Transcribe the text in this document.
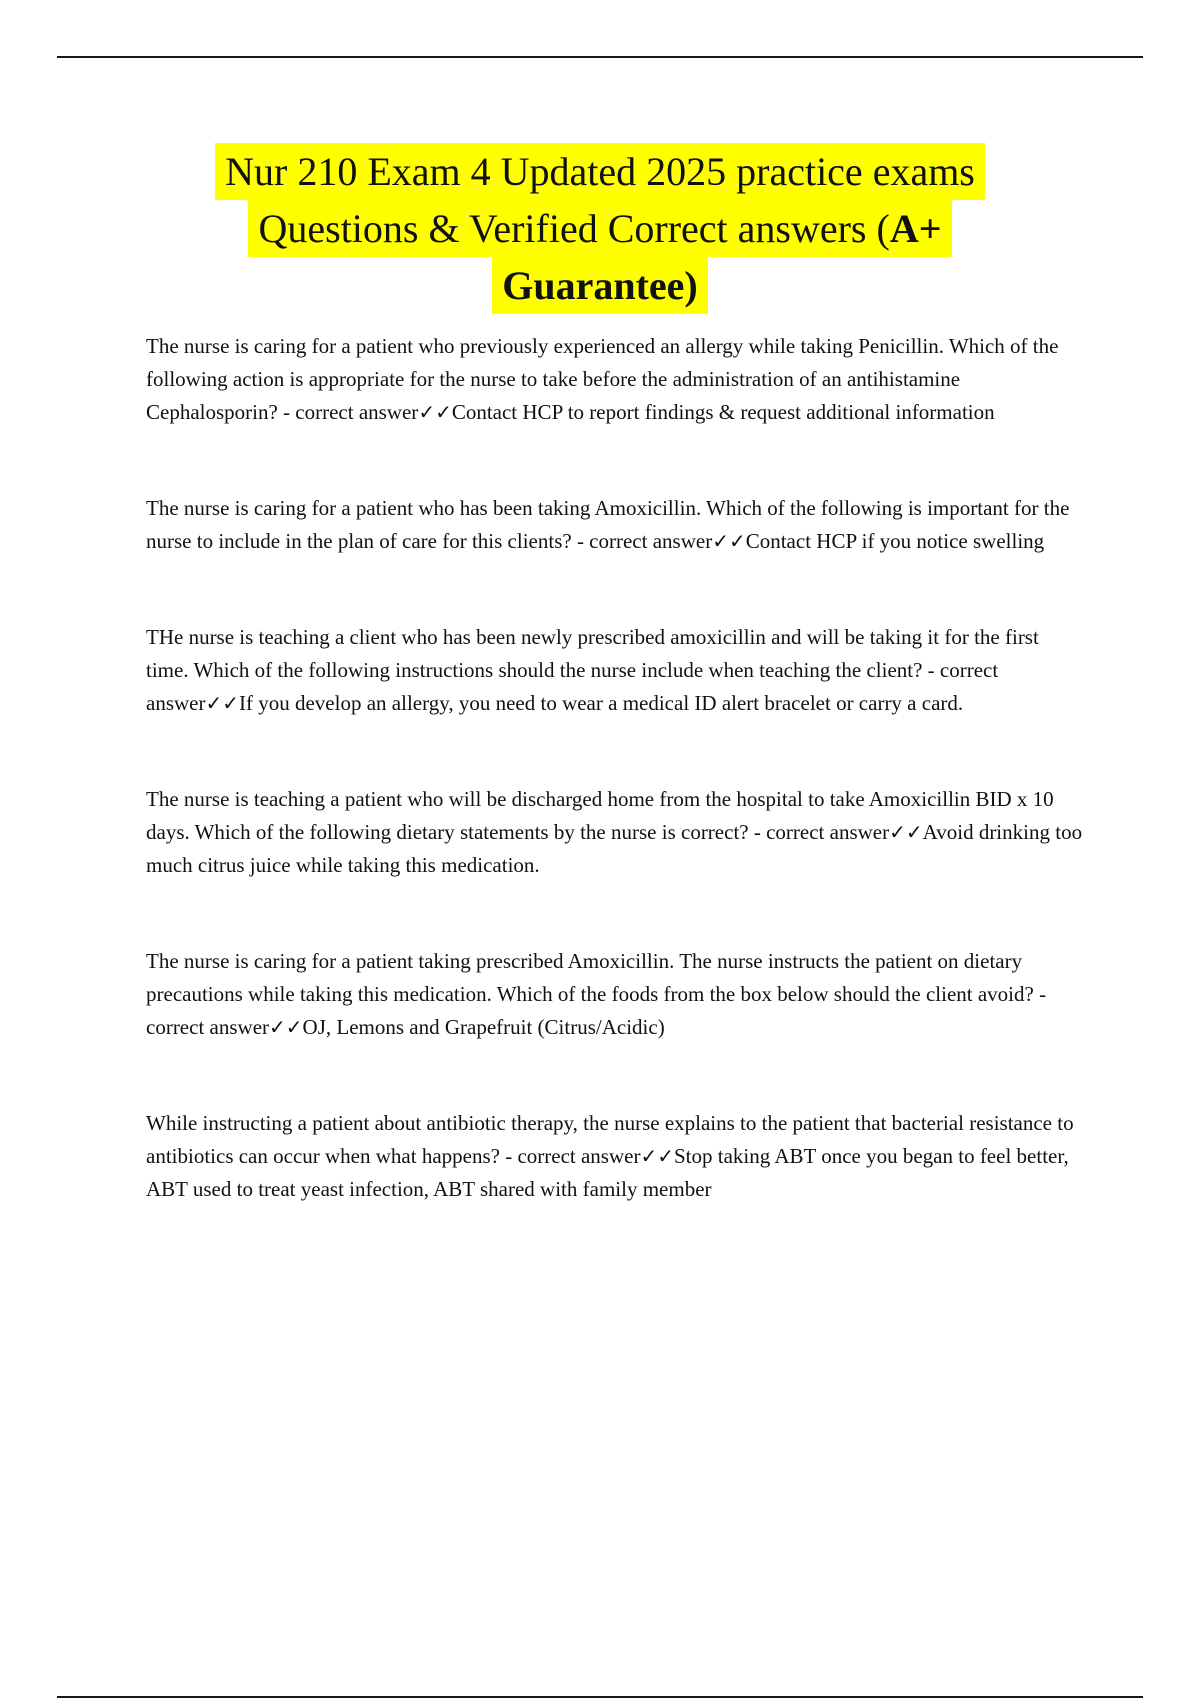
Nur 210 Exam 4 Updated 2025 practice exams
Questions & Verified Correct answers (A+
Guarantee)

The nurse is caring for a patient who previously experienced an allergy while taking Penicillin. Which of the following action is appropriate for the nurse to take before the administration of an antihistamine Cephalosporin? - correct answer✓✓Contact HCP to report findings & request additional information

The nurse is caring for a patient who has been taking Amoxicillin. Which of the following is important for the nurse to include in the plan of care for this clients? - correct answer✓✓Contact HCP if you notice swelling

THe nurse is teaching a client who has been newly prescribed amoxicillin and will be taking it for the first time. Which of the following instructions should the nurse include when teaching the client? - correct answer✓✓If you develop an allergy, you need to wear a medical ID alert bracelet or carry a card.

The nurse is teaching a patient who will be discharged home from the hospital to take Amoxicillin BID x 10 days. Which of the following dietary statements by the nurse is correct? - correct answer✓✓Avoid drinking too much citrus juice while taking this medication.

The nurse is caring for a patient taking prescribed Amoxicillin. The nurse instructs the patient on dietary precautions while taking this medication. Which of the foods from the box below should the client avoid? - correct answer✓✓OJ, Lemons and Grapefruit (Citrus/Acidic)

While instructing a patient about antibiotic therapy, the nurse explains to the patient that bacterial resistance to antibiotics can occur when what happens? - correct answer✓✓Stop taking ABT once you began to feel better, ABT used to treat yeast infection, ABT shared with family member
